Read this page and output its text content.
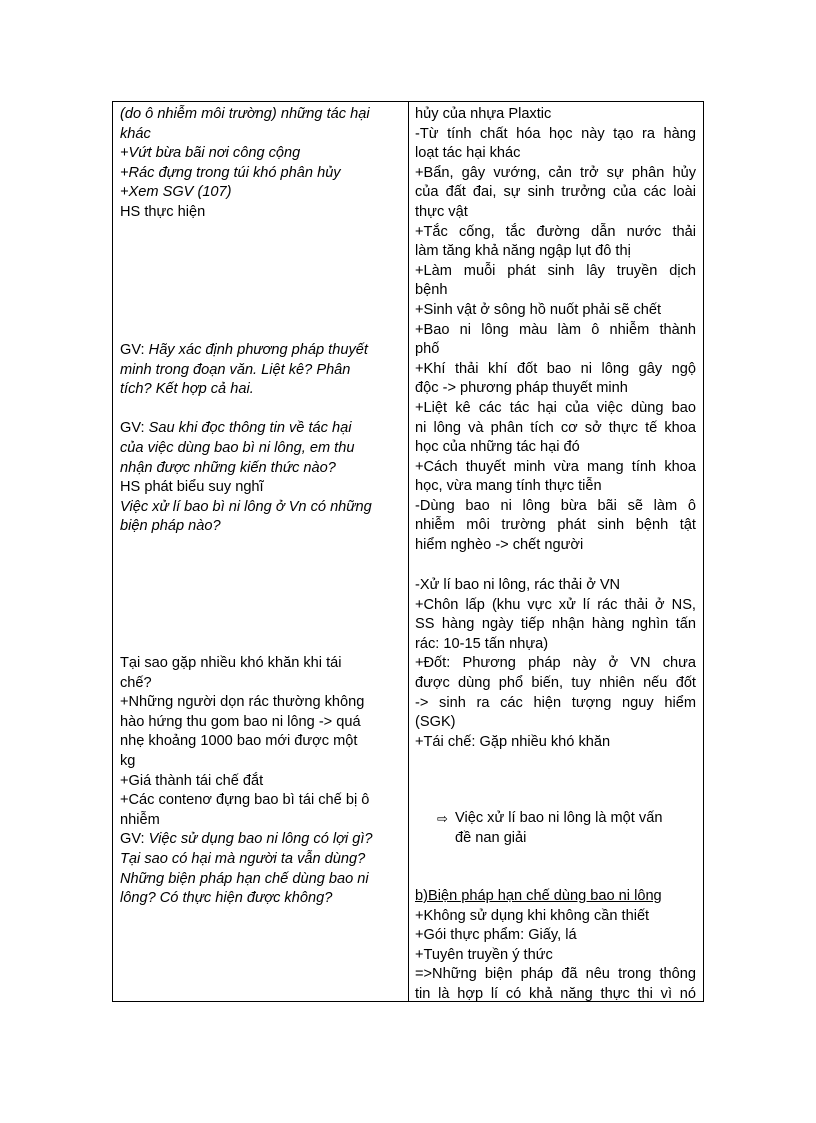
(do ô nhiễm môi trường) những tác hại
khác
+Vứt bừa bãi nơi công cộng
+Rác đựng trong túi khó phân hủy
+Xem SGV (107)
HS thực hiện
GV: Hãy xác định phương pháp thuyết
minh trong đoạn văn. Liệt kê? Phân
tích? Kết hợp cả hai.
GV: Sau khi đọc thông tin về tác hại
của việc dùng bao bì ni lông, em thu
nhận được những kiến thức nào?
HS phát biểu suy nghĩ
Việc xử lí bao bì ni lông ở Vn có những
biện pháp nào?
Tại sao gặp nhiều khó khăn khi tái
chế?
+Những người dọn rác thường không
hào hứng thu gom bao ni lông -> quá
nhẹ khoảng 1000 bao mới được một
kg
+Giá thành tái chế đắt
+Các contenơ đựng bao bì tái chế bị ô
nhiễm
GV: Việc sử dụng bao ni lông có lợi gì?
Tại sao có hại mà người ta vẫn dùng?
Những biện pháp hạn chế dùng bao ni
lông? Có thực hiện được không?
hủy của nhựa Plaxtic
-Từ tính chất hóa học này tạo ra hàng
loạt tác hại khác
+Bẩn, gây vướng, cản trở sự phân hủy
của đất đai, sự sinh trưởng của các loài
thực vật
+Tắc cống, tắc đường dẫn nước thải
làm tăng khả năng ngập lụt đô thị
+Làm muỗi phát sinh lây truyền dịch
bệnh
+Sinh vật ở sông hồ nuốt phải sẽ chết
+Bao ni lông màu làm ô nhiễm thành
phố
+Khí thải khí đốt bao ni lông gây ngộ
độc -> phương pháp thuyết minh
+Liệt kê các tác hại của việc dùng bao
ni lông và phân tích cơ sở thực tế khoa
học của những tác hại đó
+Cách thuyết minh vừa mang tính khoa
học, vừa mang tính thực tiễn
-Dùng bao ni lông bừa bãi sẽ làm ô
nhiễm môi trường phát sinh bệnh tật
hiểm nghèo -> chết người
-Xử lí bao ni lông, rác thải ở VN
+Chôn lấp (khu vực xử lí rác thải ở NS,
SS hàng ngày tiếp nhận hàng nghìn tấn
rác: 10-15 tấn nhựa)
+Đốt: Phương pháp này ở VN chưa
được dùng phổ biến, tuy nhiên nếu đốt
-> sinh ra các hiện tượng nguy hiểm
(SGK)
+Tái chế: Gặp nhiều khó khăn
⇨ Việc xử lí bao ni lông là một vấn
đề nan giải
b)Biện pháp hạn chế dùng bao ni lông
+Không sử dụng khi không cần thiết
+Gói thực phẩm: Giấy, lá
+Tuyên truyền ý thức
=>Những biện pháp đã nêu trong thông
tin là hợp lí có khả năng thực thi vì nó
